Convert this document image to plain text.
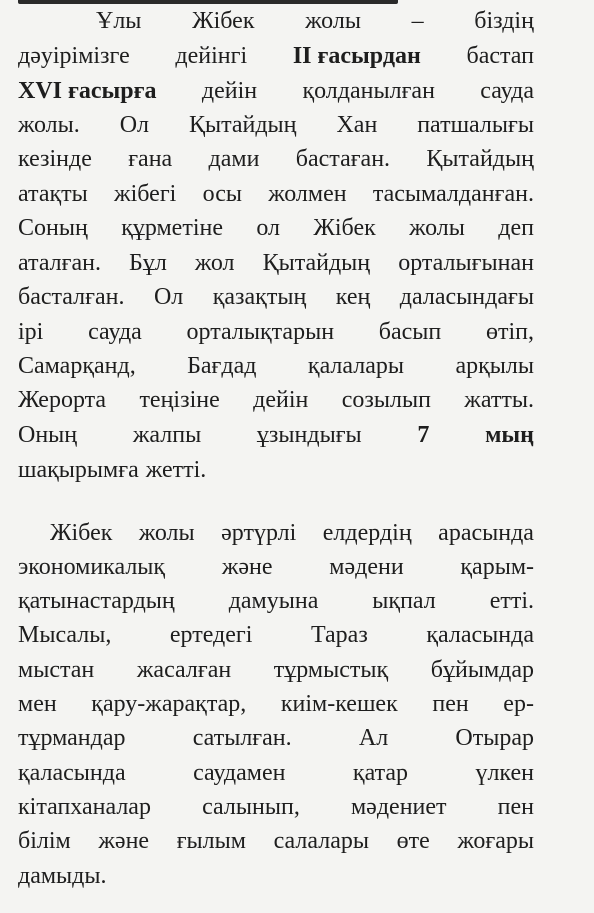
Ұлы Жібек жолы – біздің
дәуірімізге дейінгі II ғасырдан бастап
XVI ғасырға дейін қолданылған сауда
жолы. Ол Қытайдың Хан патшалығы
кезінде ғана дами бастаған. Қытайдың
атақты жібегі осы жолмен тасымалданған.
Соның құрметіне ол Жібек жолы деп
аталған. Бұл жол Қытайдың орталығынан
басталған. Ол қазақтың кең даласындағы
ірі сауда орталықтарын басып өтіп,
Самарқанд, Бағдад қалалары арқылы
Жерорта теңізіне дейін созылып жатты.
Оның жалпы ұзындығы 7 мың
шақырымға жетті.
Жібек жолы әртүрлі елдердің арасында
экономикалық және мәдени қарым-
қатынастардың дамуына ықпал етті.
Мысалы, ертедегі Тараз қаласында
мыстан жасалған тұрмыстық бұйымдар
мен қару-жарақтар, киім-кешек пен ер-
тұрмандар	сатылған.	Ал	Отырар
қаласында	саудамен	қатар	үлкен
кітапханалар салынып, мәдениет пен
білім және ғылым салалары өте жоғары
дамыды.
